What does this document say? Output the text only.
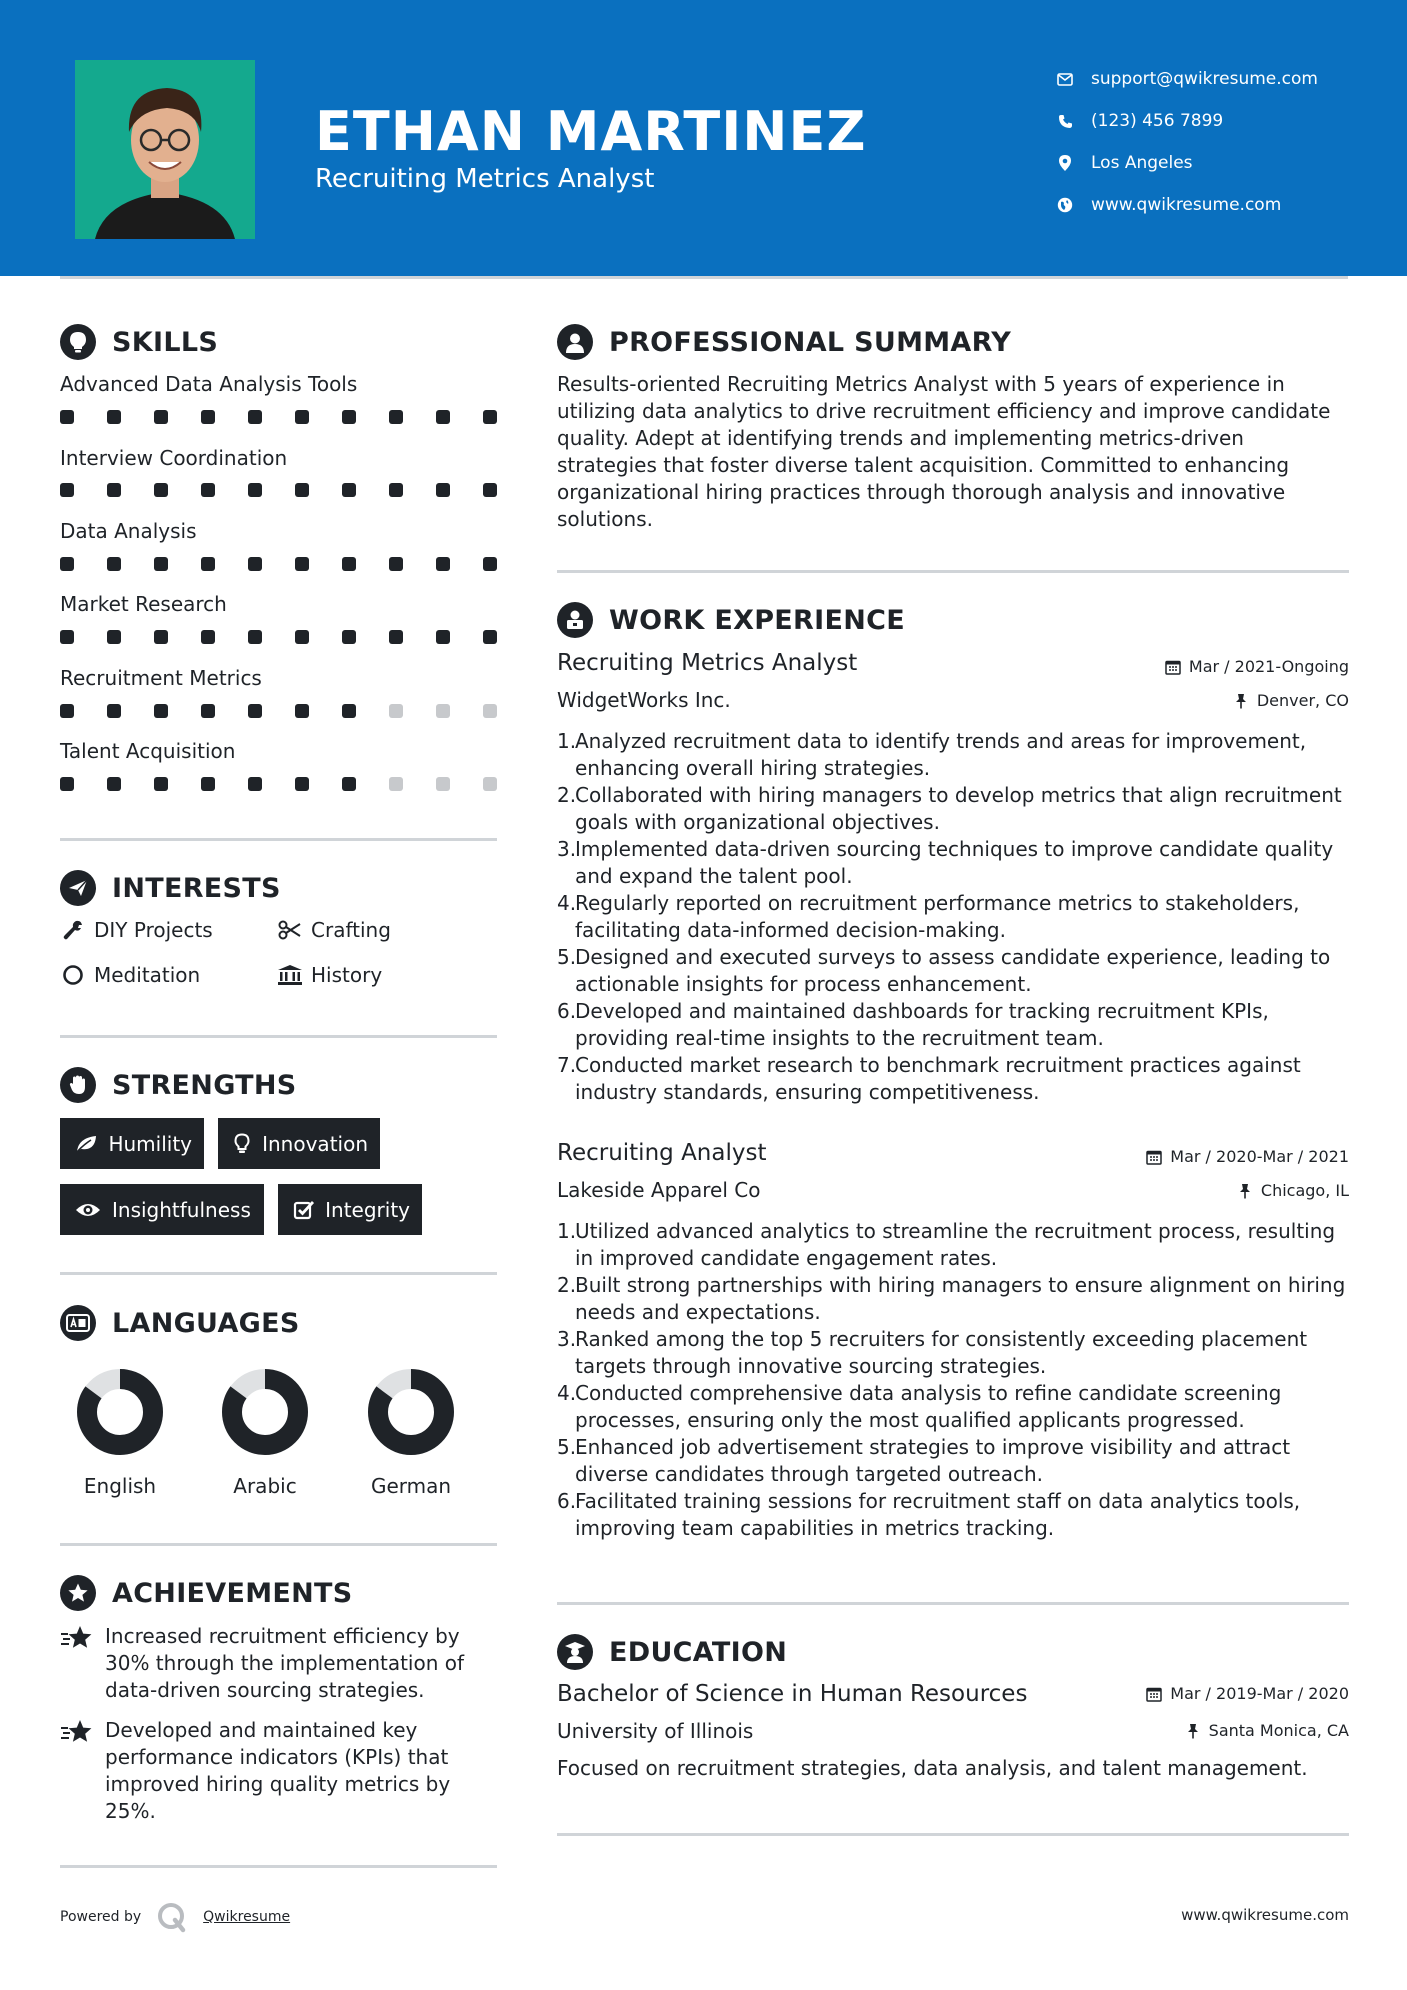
ETHAN MARTINEZ
Recruiting Metrics Analyst
support@qwikresume.com
(123) 456 7899
Los Angeles
www.qwikresume.com
SKILLS
Advanced Data Analysis Tools
Interview Coordination
Data Analysis
Market Research
Recruitment Metrics
Talent Acquisition
INTERESTS
DIY Projects	Crafting
Meditation	History
STRENGTHS
Humility	Innovation
Insightfulness	Integrity
LANGUAGES
English	Arabic	German
ACHIEVEMENTS
Increased recruitment efficiency by 30% through the implementation of data-driven sourcing strategies.
Developed and maintained key performance indicators (KPIs) that improved hiring quality metrics by 25%.
PROFESSIONAL SUMMARY
Results-oriented Recruiting Metrics Analyst with 5 years of experience in utilizing data analytics to drive recruitment efficiency and improve candidate quality. Adept at identifying trends and implementing metrics-driven strategies that foster diverse talent acquisition. Committed to enhancing organizational hiring practices through thorough analysis and innovative solutions.
WORK EXPERIENCE
Recruiting Metrics Analyst	Mar / 2021-Ongoing
WidgetWorks Inc.	Denver, CO
1.
Analyzed recruitment data to identify trends and areas for improvement, enhancing overall hiring strategies.
2.
Collaborated with hiring managers to develop metrics that align recruitment goals with organizational objectives.
3.
Implemented data-driven sourcing techniques to improve candidate quality and expand the talent pool.
4.
Regularly reported on recruitment performance metrics to stakeholders, facilitating data-informed decision-making.
5.
Designed and executed surveys to assess candidate experience, leading to actionable insights for process enhancement.
6.
Developed and maintained dashboards for tracking recruitment KPIs, providing real-time insights to the recruitment team.
7.
Conducted market research to benchmark recruitment practices against industry standards, ensuring competitiveness.
Recruiting Analyst	Mar / 2020-Mar / 2021
Lakeside Apparel Co	Chicago, IL
1.
Utilized advanced analytics to streamline the recruitment process, resulting in improved candidate engagement rates.
2.
Built strong partnerships with hiring managers to ensure alignment on hiring needs and expectations.
3.
Ranked among the top 5 recruiters for consistently exceeding placement targets through innovative sourcing strategies.
4.
Conducted comprehensive data analysis to refine candidate screening processes, ensuring only the most qualified applicants progressed.
5.
Enhanced job advertisement strategies to improve visibility and attract diverse candidates through targeted outreach.
6.
Facilitated training sessions for recruitment staff on data analytics tools, improving team capabilities in metrics tracking.
EDUCATION
Bachelor of Science in Human Resources	Mar / 2019-Mar / 2020
University of Illinois	Santa Monica, CA
Focused on recruitment strategies, data analysis, and talent management.
Powered by	Qwikresume	www.qwikresume.com
